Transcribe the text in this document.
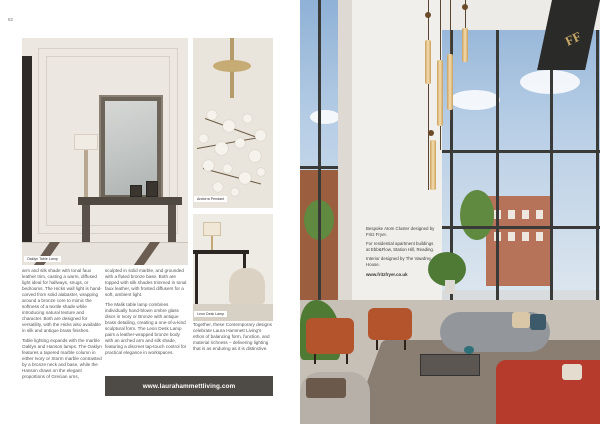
82
Oaklyn Table Lamp
Andorra Pendant
Leon Desk Lamp

arm and silk shade with tonal faux leather trim, casting a warm, diffused light ideal for hallways, snugs, or bedrooms. The Hicks wall light is hand-carved from solid alabaster, wrapping around a bronze core to mimic the softness of a textile shade while introducing natural texture and character. Both are designed for versatility, with the Hicks also available in silk and antique brass finishes.

Table lighting expands with the marble Oaklyn and Hanson lamps. The Oaklyn features a tapered marble column in either Ivory or Storm marble contrasted by a bronze neck and base, while the Hanson draws on the elegant proportions of Grecian urns,

sculpted in solid marble, and grounded with a fluted bronze base. Both are topped with silk shades trimmed in tonal faux leather, with frosted diffusers for a soft, ambient light.

The Malik table lamp combines individually hand-blown ombre glass discs in Ivory or Bronze with antique brass detailing, creating a one-of-a-kind sculptural form. The Leon Desk Lamp pairs a leather-wrapped bronze body with an arched arm and silk shade, featuring a discreet tap-touch control for practical elegance in workspaces.

Together, these Contemporary designs celebrate Laura Hammett Living's ethos of balancing form, function, and material richness – delivering lighting that is as enduring as it is distinctive.

www.laurahammettliving.com
FF

Bespoke Atom Cluster designed by Fritz Fryer.

For residential apartment buildings at Ebb&Flow, Station Hill, Reading.

Interior designed by The Vawdrey House.

www.fritzfryer.co.uk
